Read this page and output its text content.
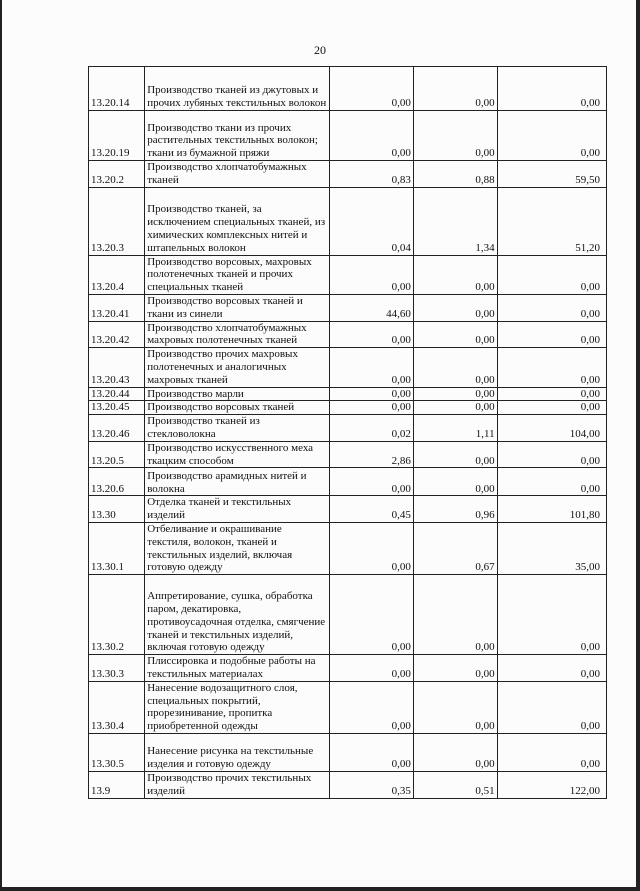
20
13.20.14	Производство тканей из джутовых и прочих лубяных текстильных волокон	0,00	0,00	0,00
13.20.19	Производство ткани из прочих растительных текстильных волокон; ткани из бумажной пряжи	0,00	0,00	0,00
13.20.2	Производство хлопчатобумажных тканей	0,83	0,88	59,50
13.20.3	Производство тканей, за исключением специальных тканей, из химических комплексных нитей и штапельных волокон	0,04	1,34	51,20
13.20.4	Производство ворсовых, махровых полотенечных тканей и прочих специальных тканей	0,00	0,00	0,00
13.20.41	Производство ворсовых тканей и ткани из синели	44,60	0,00	0,00
13.20.42	Производство хлопчатобумажных махровых полотенечных тканей	0,00	0,00	0,00
13.20.43	Производство прочих махровых полотенечных и аналогичных махровых тканей	0,00	0,00	0,00
13.20.44	Производство марли	0,00	0,00	0,00
13.20.45	Производство ворсовых тканей	0,00	0,00	0,00
13.20.46	Производство тканей из стекловолокна	0,02	1,11	104,00
13.20.5	Производство искусственного меха ткацким способом	2,86	0,00	0,00
13.20.6	Производство арамидных нитей и волокна	0,00	0,00	0,00
13.30	Отделка тканей и текстильных изделий	0,45	0,96	101,80
13.30.1	Отбеливание и окрашивание текстиля, волокон, тканей и текстильных изделий, включая готовую одежду	0,00	0,67	35,00
13.30.2	Аппретирование, сушка, обработка паром, декатировка, противоусадочная отделка, смягчение тканей и текстильных изделий, включая готовую одежду	0,00	0,00	0,00
13.30.3	Плиссировка и подобные работы на текстильных материалах	0,00	0,00	0,00
13.30.4	Нанесение водозащитного слоя, специальных покрытий, прорезинивание, пропитка приобретенной одежды	0,00	0,00	0,00
13.30.5	Нанесение рисунка на текстильные изделия и готовую одежду	0,00	0,00	0,00
13.9	Производство прочих текстильных изделий	0,35	0,51	122,00
